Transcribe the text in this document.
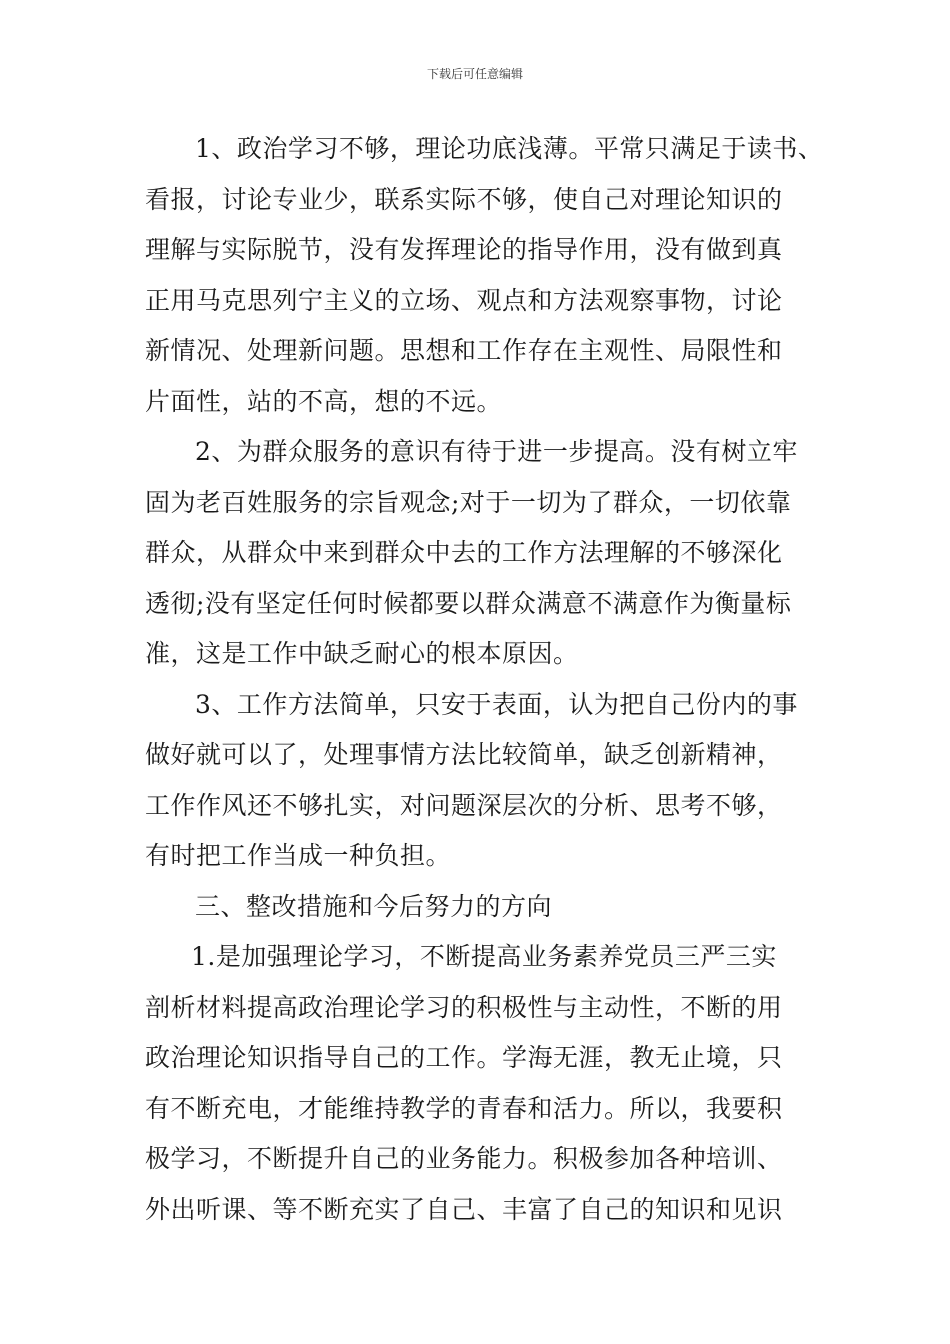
下载后可任意编辑
1、政治学习不够，理论功底浅薄。平常只满足于读书、
看报，讨论专业少，联系实际不够，使自己对理论知识的
理解与实际脱节，没有发挥理论的指导作用，没有做到真
正用马克思列宁主义的立场、观点和方法观察事物，讨论
新情况、处理新问题。思想和工作存在主观性、局限性和
片面性，站的不高，想的不远。
2、为群众服务的意识有待于进一步提高。没有树立牢
固为老百姓服务的宗旨观念;对于一切为了群众，一切依靠
群众，从群众中来到群众中去的工作方法理解的不够深化
透彻;没有坚定任何时候都要以群众满意不满意作为衡量标
准，这是工作中缺乏耐心的根本原因。
3、工作方法简单，只安于表面，认为把自己份内的事
做好就可以了，处理事情方法比较简单，缺乏创新精神，
工作作风还不够扎实，对问题深层次的分析、思考不够，
有时把工作当成一种负担。
三、整改措施和今后努力的方向
1.是加强理论学习，不断提高业务素养党员三严三实
剖析材料提高政治理论学习的积极性与主动性，不断的用
政治理论知识指导自己的工作。学海无涯，教无止境，只
有不断充电，才能维持教学的青春和活力。所以，我要积
极学习，不断提升自己的业务能力。积极参加各种培训、
外出听课、等不断充实了自己、丰富了自己的知识和见识
